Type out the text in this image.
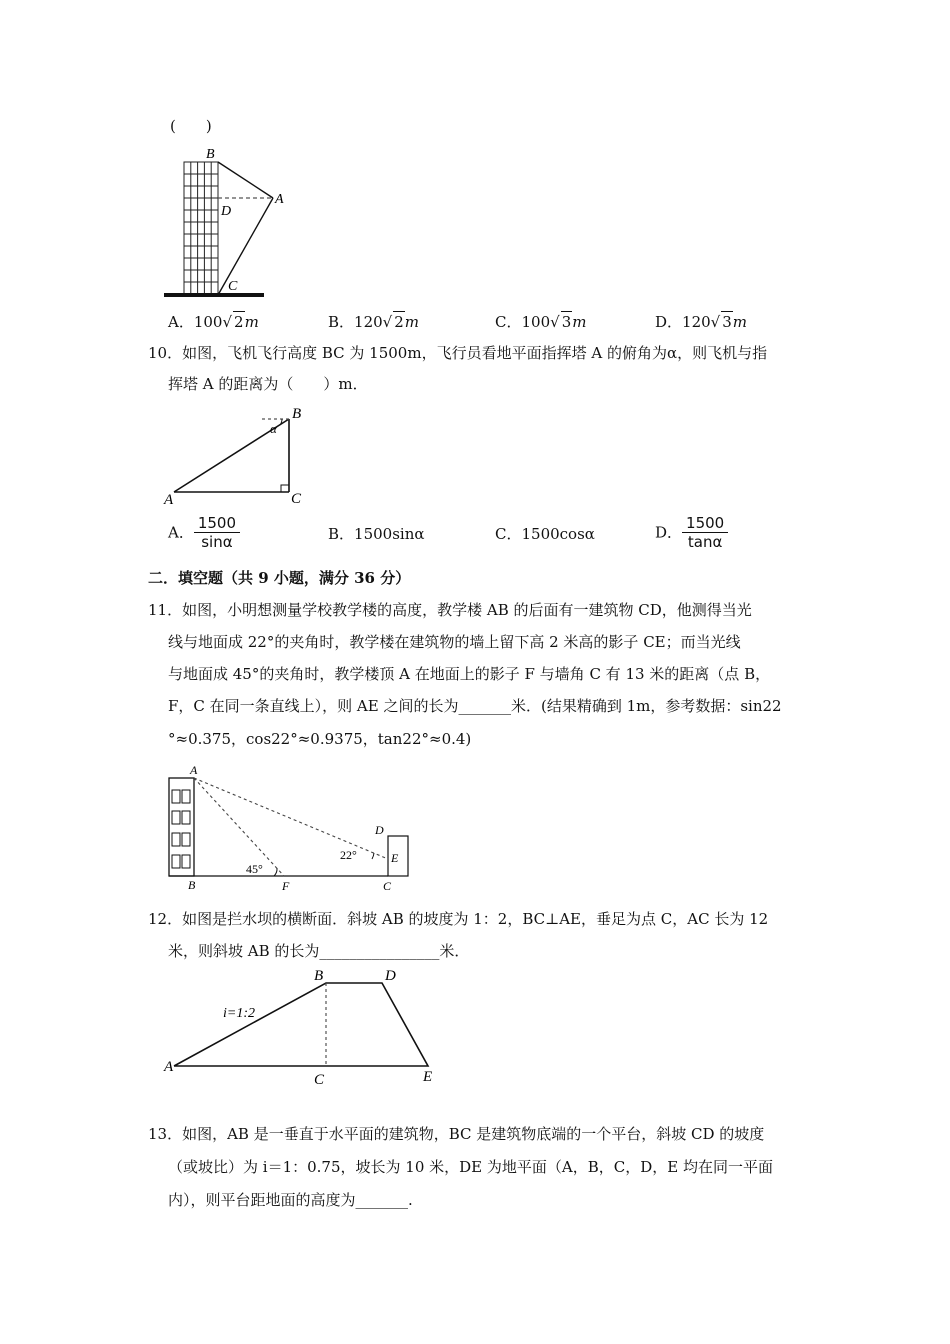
(　　)
B
A
D
C
A．100√ 2m	B．120√ 2m	C．100√ 3m	D．120√ 3m
10．如图，飞机飞行高度 BC 为 1500m，飞行员看地平面指挥塔 A 的俯角为α，则飞机与指
挥塔 A 的距离为（　　）m．
B
A	C
α
A． $\frac{1500}{\sin\alpha}$	B．1500sinα	C．1500cosα	D． $\frac{1500}{\tan\alpha}$
二．填空题（共 9 小题，满分 36 分）
11．如图，小明想测量学校教学楼的高度，教学楼 AB 的后面有一建筑物 CD，他测得当光
线与地面成 22°的夹角时，教学楼在建筑物的墙上留下高 2 米高的影子 CE；而当光线
与地面成 45°的夹角时，教学楼顶 A 在地面上的影子 F 与墙角 C 有 13 米的距离（点 B，
F，C 在同一条直线上），则 AE 之间的长为_______米．(结果精确到 1m，参考数据：sin22
°≈0.375，cos22°≈0.9375，tan22°≈0.4)
A
B	F	C
D
E
45°
22°
12．如图是拦水坝的横断面．斜坡 AB 的坡度为 1：2，BC⊥AE，垂足为点 C，AC 长为 12
米，则斜坡 AB 的长为________________米．
B	D
A
C	E
i=1:2
13．如图，AB 是一垂直于水平面的建筑物，BC 是建筑物底端的一个平台，斜坡 CD 的坡度
（或坡比）为 i＝1：0.75，坡长为 10 米，DE 为地平面（A，B，C，D，E 均在同一平面
内），则平台距地面的高度为_______.
